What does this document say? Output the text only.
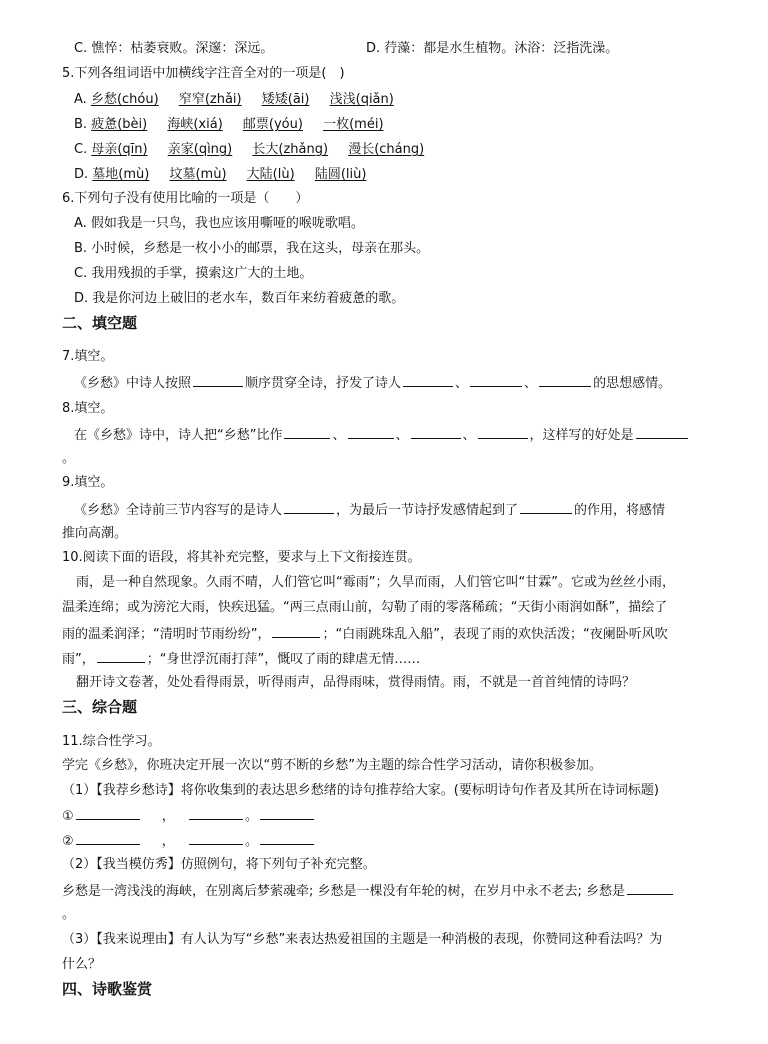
C. 憔悴：枯萎衰败。深邃：深远。	D. 荇藻：都是水生植物。沐浴：泛指洗澡。
5.下列各组词语中加横线字注音全对的一项是(　)
A. 乡愁(chóu) 窄窄(zhǎi) 矮矮(āi) 浅浅(qiǎn)
B. 疲惫(bèi) 海峡(xiá) 邮票(yóu) 一枚(méi)
C. 母亲(qīn) 亲家(qìng) 长大(zhǎng) 漫长(cháng)
D. 墓地(mù) 坟墓(mù) 大陆(lù) 陆圆(liù)
6.下列句子没有使用比喻的一项是（　　）
A. 假如我是一只鸟，我也应该用嘶哑的喉咙歌唱。
B. 小时候，乡愁是一枚小小的邮票，我在这头，母亲在那头。
C. 我用残损的手掌，摸索这广大的土地。
D. 我是你河边上破旧的老水车，数百年来纺着疲惫的歌。
二、填空题
7.填空。
《乡愁》中诗人按照	顺序贯穿全诗，抒发了诗人	、	、	的思想感情。
8.填空。
在《乡愁》诗中，诗人把“乡愁”比作	、	、	、	，这样写的好处是
。
9.填空。
《乡愁》全诗前三节内容写的是诗人	，为最后一节诗抒发感情起到了	的作用，将感情
推向高潮。
10.阅读下面的语段，将其补充完整，要求与上下文衔接连贯。
雨，是一种自然现象。久雨不晴，人们管它叫“霉雨”；久旱而雨，人们管它叫“甘霖”。它或为丝丝小雨，
温柔连绵；或为滂沱大雨，快疾迅猛。“两三点雨山前，勾勒了雨的零落稀疏；“天街小雨润如酥”，描绘了
雨的温柔润泽；“清明时节雨纷纷”，	；“白雨跳珠乱入船”，表现了雨的欢快活泼；“夜阑卧听风吹
雨”，	；“身世浮沉雨打萍”，慨叹了雨的肆虐无情……
翻开诗文卷著，处处看得雨景，听得雨声，品得雨味，赏得雨情。雨，不就是一首首纯情的诗吗？
三、综合题
11.综合性学习。
学完《乡愁》，你班决定开展一次以“剪不断的乡愁”为主题的综合性学习活动，请你积极参加。
（1）【我荐乡愁诗】将你收集到的表达思乡愁绪的诗句推荐给大家。(要标明诗句作者及其所在诗词标题)
①	，	。
②	，	。
（2）【我当模仿秀】仿照例句，将下列句子补充完整。
乡愁是一湾浅浅的海峡，在别离后梦萦魂牵; 乡愁是一棵没有年轮的树，在岁月中永不老去; 乡愁是
。
（3）【我来说理由】有人认为写“乡愁”来表达热爱祖国的主题是一种消极的表现，你赞同这种看法吗？为
什么？
四、诗歌鉴赏
